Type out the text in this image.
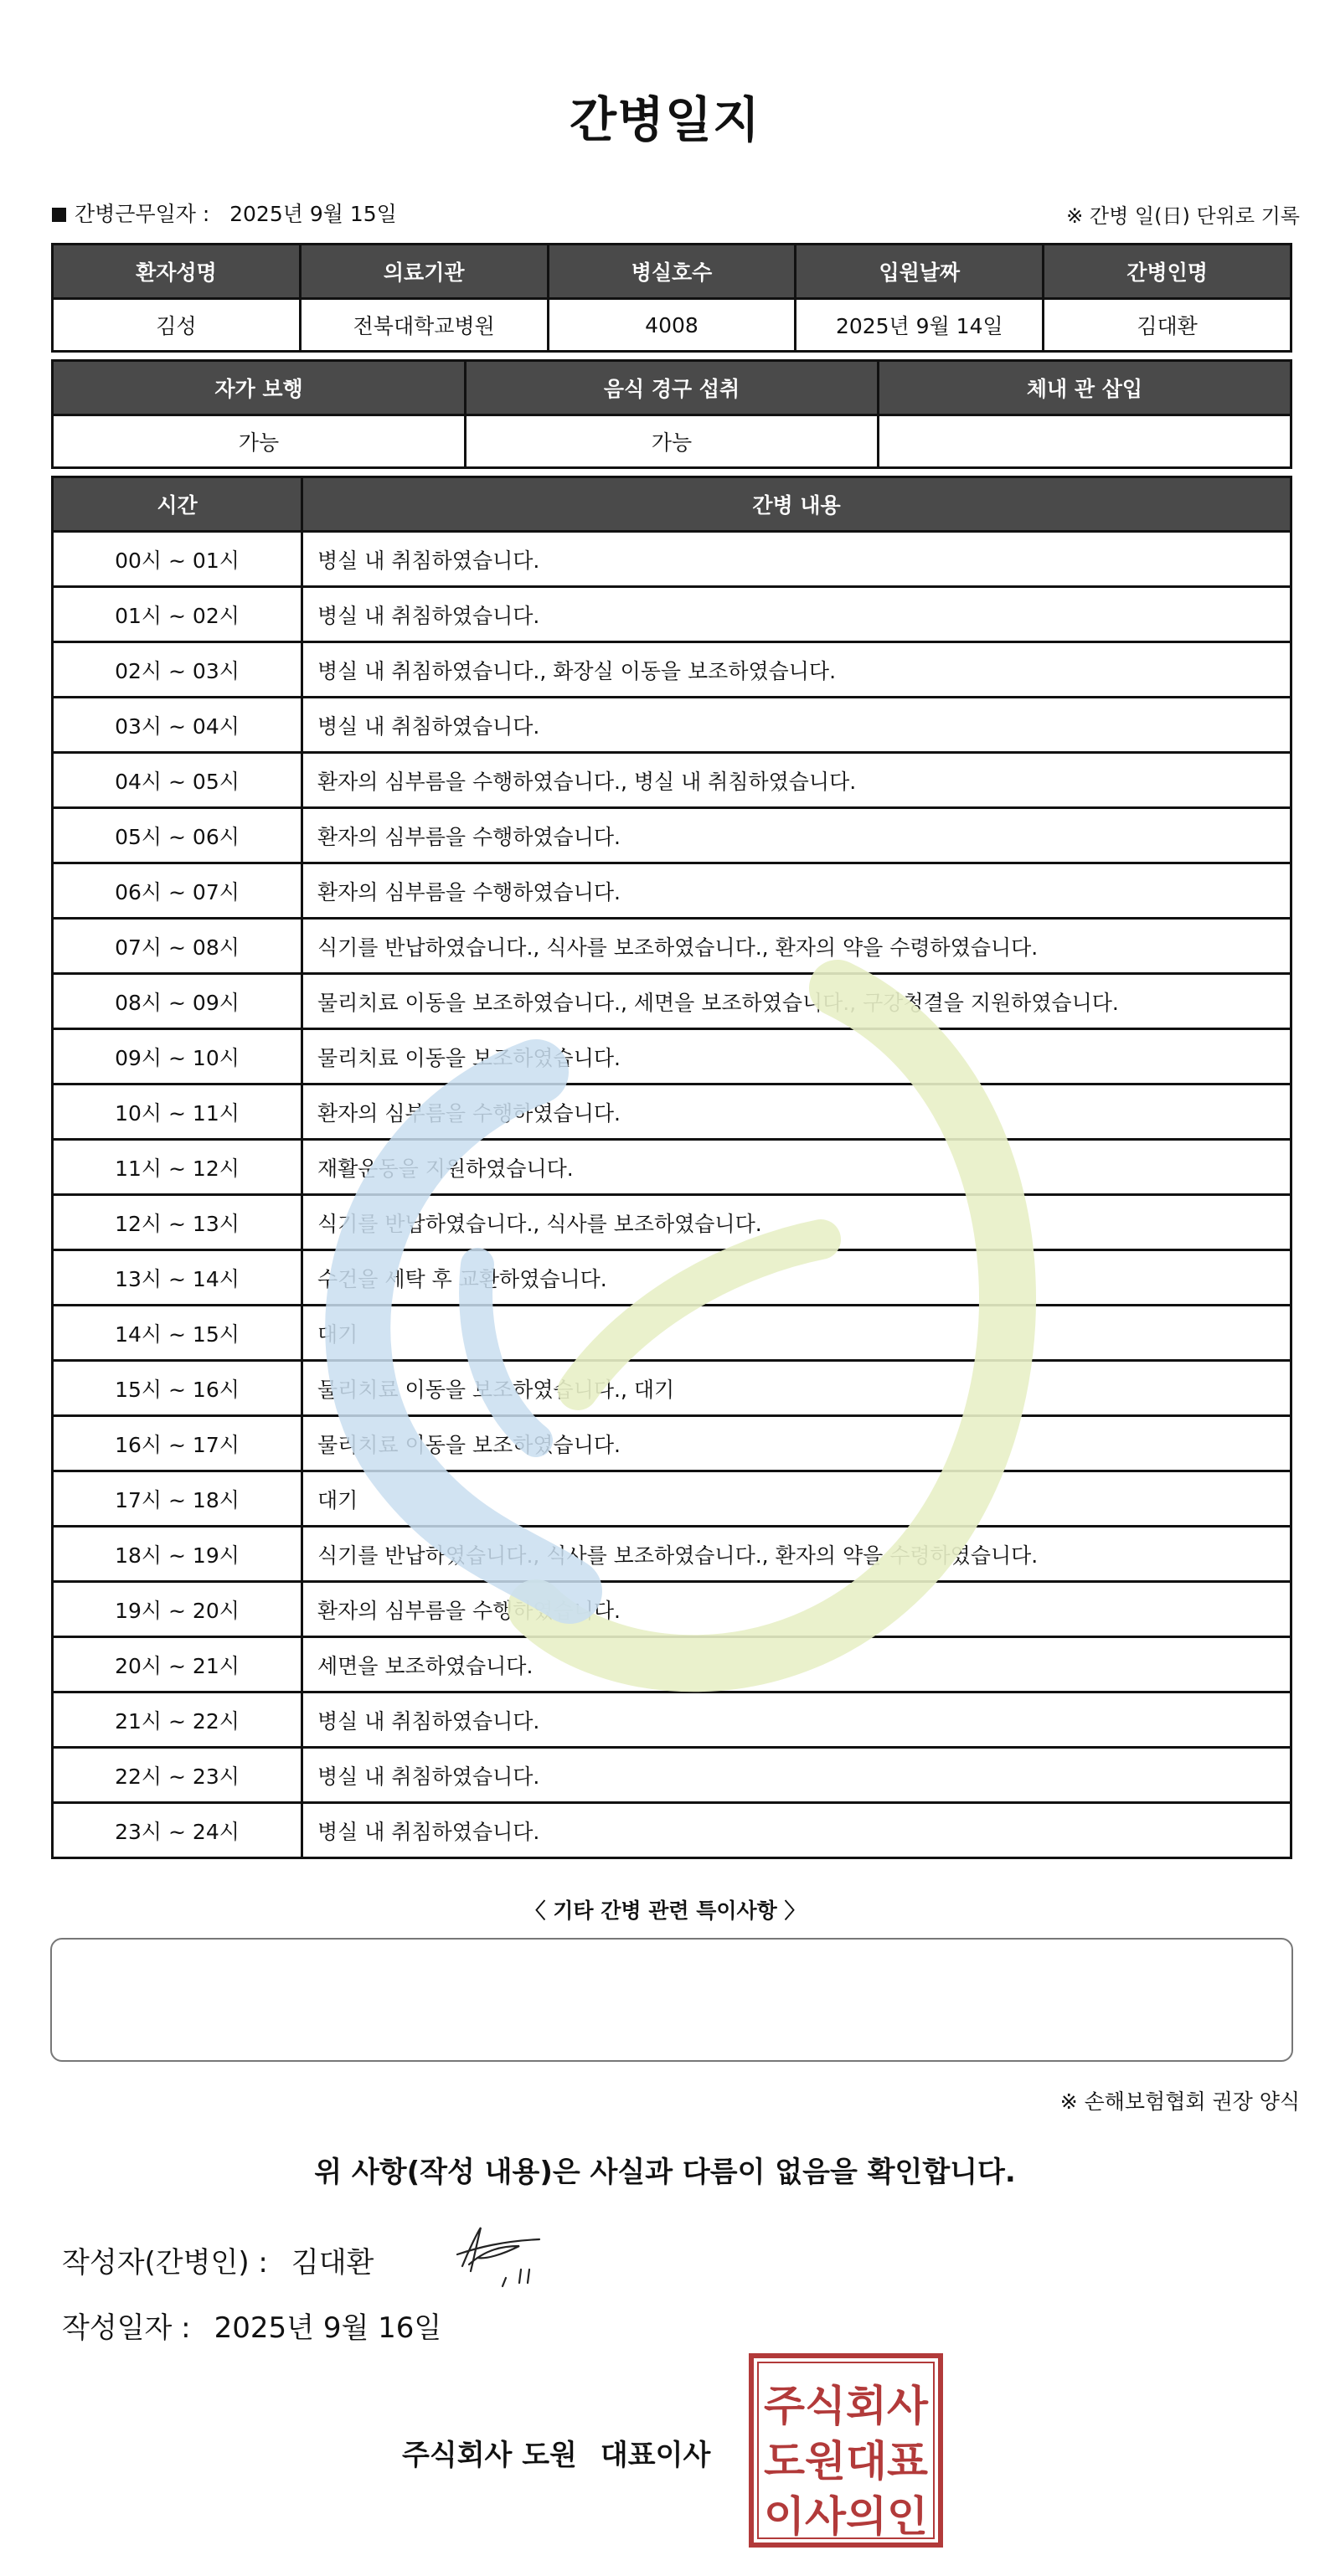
간병일지
간병근무일자 : 2025년 9월 15일	※ 간병 일(日) 단위로 기록
환자성명	의료기관	병실호수	입원날짜	간병인명
김성	전북대학교병원	4008	2025년 9월 14일	김대환
자가 보행	음식 경구 섭취	체내 관 삽입
가능	가능	
시간	간병 내용
00시 ~ 01시	병실 내 취침하였습니다.
01시 ~ 02시	병실 내 취침하였습니다.
02시 ~ 03시	병실 내 취침하였습니다., 화장실 이동을 보조하였습니다.
03시 ~ 04시	병실 내 취침하였습니다.
04시 ~ 05시	환자의 심부름을 수행하였습니다., 병실 내 취침하였습니다.
05시 ~ 06시	환자의 심부름을 수행하였습니다.
06시 ~ 07시	환자의 심부름을 수행하였습니다.
07시 ~ 08시	식기를 반납하였습니다., 식사를 보조하였습니다., 환자의 약을 수령하였습니다.
08시 ~ 09시	물리치료 이동을 보조하였습니다., 세면을 보조하였습니다., 구강청결을 지원하였습니다.
09시 ~ 10시	물리치료 이동을 보조하였습니다.
10시 ~ 11시	환자의 심부름을 수행하였습니다.
11시 ~ 12시	재활운동을 지원하였습니다.
12시 ~ 13시	식기를 반납하였습니다., 식사를 보조하였습니다.
13시 ~ 14시	수건을 세탁 후 교환하였습니다.
14시 ~ 15시	대기
15시 ~ 16시	물리치료 이동을 보조하였습니다., 대기
16시 ~ 17시	물리치료 이동을 보조하였습니다.
17시 ~ 18시	대기
18시 ~ 19시	식기를 반납하였습니다., 식사를 보조하였습니다., 환자의 약을 수령하였습니다.
19시 ~ 20시	환자의 심부름을 수행하였습니다.
20시 ~ 21시	세면을 보조하였습니다.
21시 ~ 22시	병실 내 취침하였습니다.
22시 ~ 23시	병실 내 취침하였습니다.
23시 ~ 24시	병실 내 취침하였습니다.
〈 기타 간병 관련 특이사항 〉
※ 손해보험협회 권장 양식
위 사항(작성 내용)은 사실과 다름이 없음을 확인합니다.
작성자(간병인) : 김대환
작성일자 : 2025년 9월 16일
주식회사 도원 대표이사
주식회사
도원대표
이사의인
